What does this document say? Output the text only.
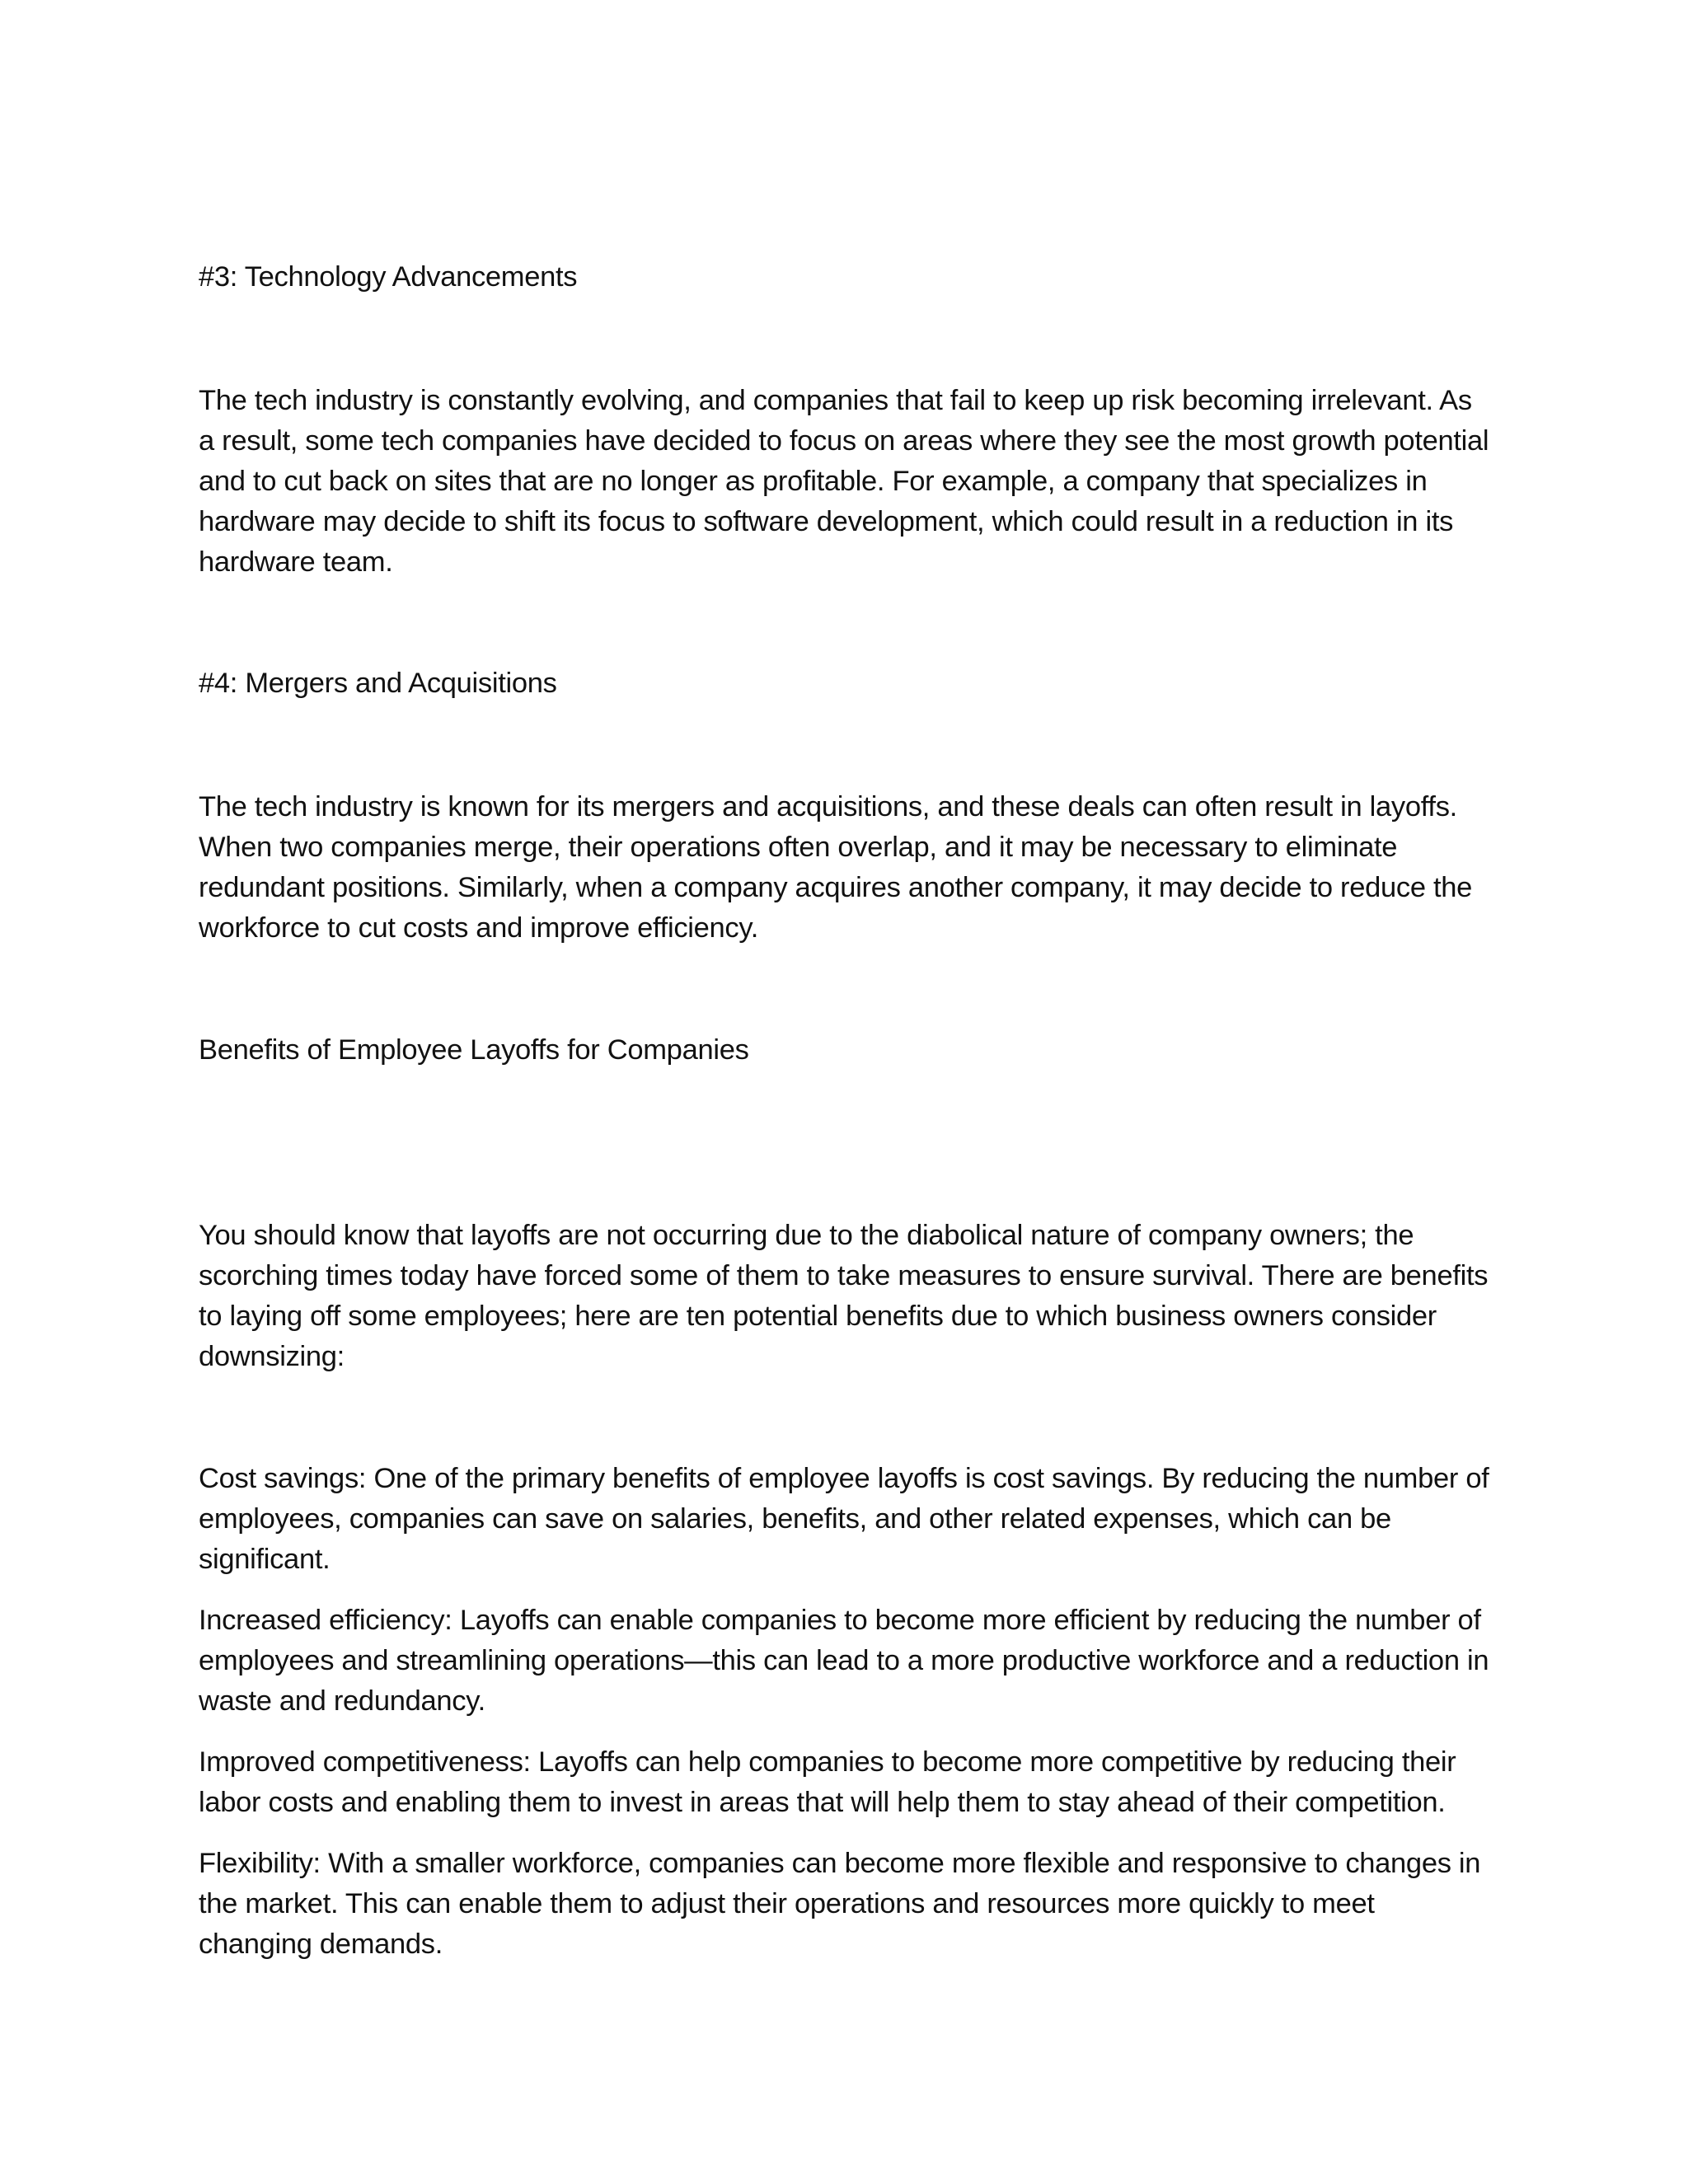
#3: Technology Advancements

The tech industry is constantly evolving, and companies that fail to keep up risk becoming irrelevant. As a result, some tech companies have decided to focus on areas where they see the most growth potential and to cut back on sites that are no longer as profitable. For example, a company that specializes in hardware may decide to shift its focus to software development, which could result in a reduction in its hardware team.

#4: Mergers and Acquisitions

The tech industry is known for its mergers and acquisitions, and these deals can often result in layoffs. When two companies merge, their operations often overlap, and it may be necessary to eliminate redundant positions. Similarly, when a company acquires another company, it may decide to reduce the workforce to cut costs and improve efficiency.

Benefits of Employee Layoffs for Companies

You should know that layoffs are not occurring due to the diabolical nature of company owners; the scorching times today have forced some of them to take measures to ensure survival. There are benefits to laying off some employees; here are ten potential benefits due to which business owners consider downsizing:

Cost savings: One of the primary benefits of employee layoffs is cost savings. By reducing the number of employees, companies can save on salaries, benefits, and other related expenses, which can be significant.

Increased efficiency: Layoffs can enable companies to become more efficient by reducing the number of employees and streamlining operations—this can lead to a more productive workforce and a reduction in waste and redundancy.

Improved competitiveness: Layoffs can help companies to become more competitive by reducing their labor costs and enabling them to invest in areas that will help them to stay ahead of their competition.

Flexibility: With a smaller workforce, companies can become more flexible and responsive to changes in the market. This can enable them to adjust their operations and resources more quickly to meet changing demands.
